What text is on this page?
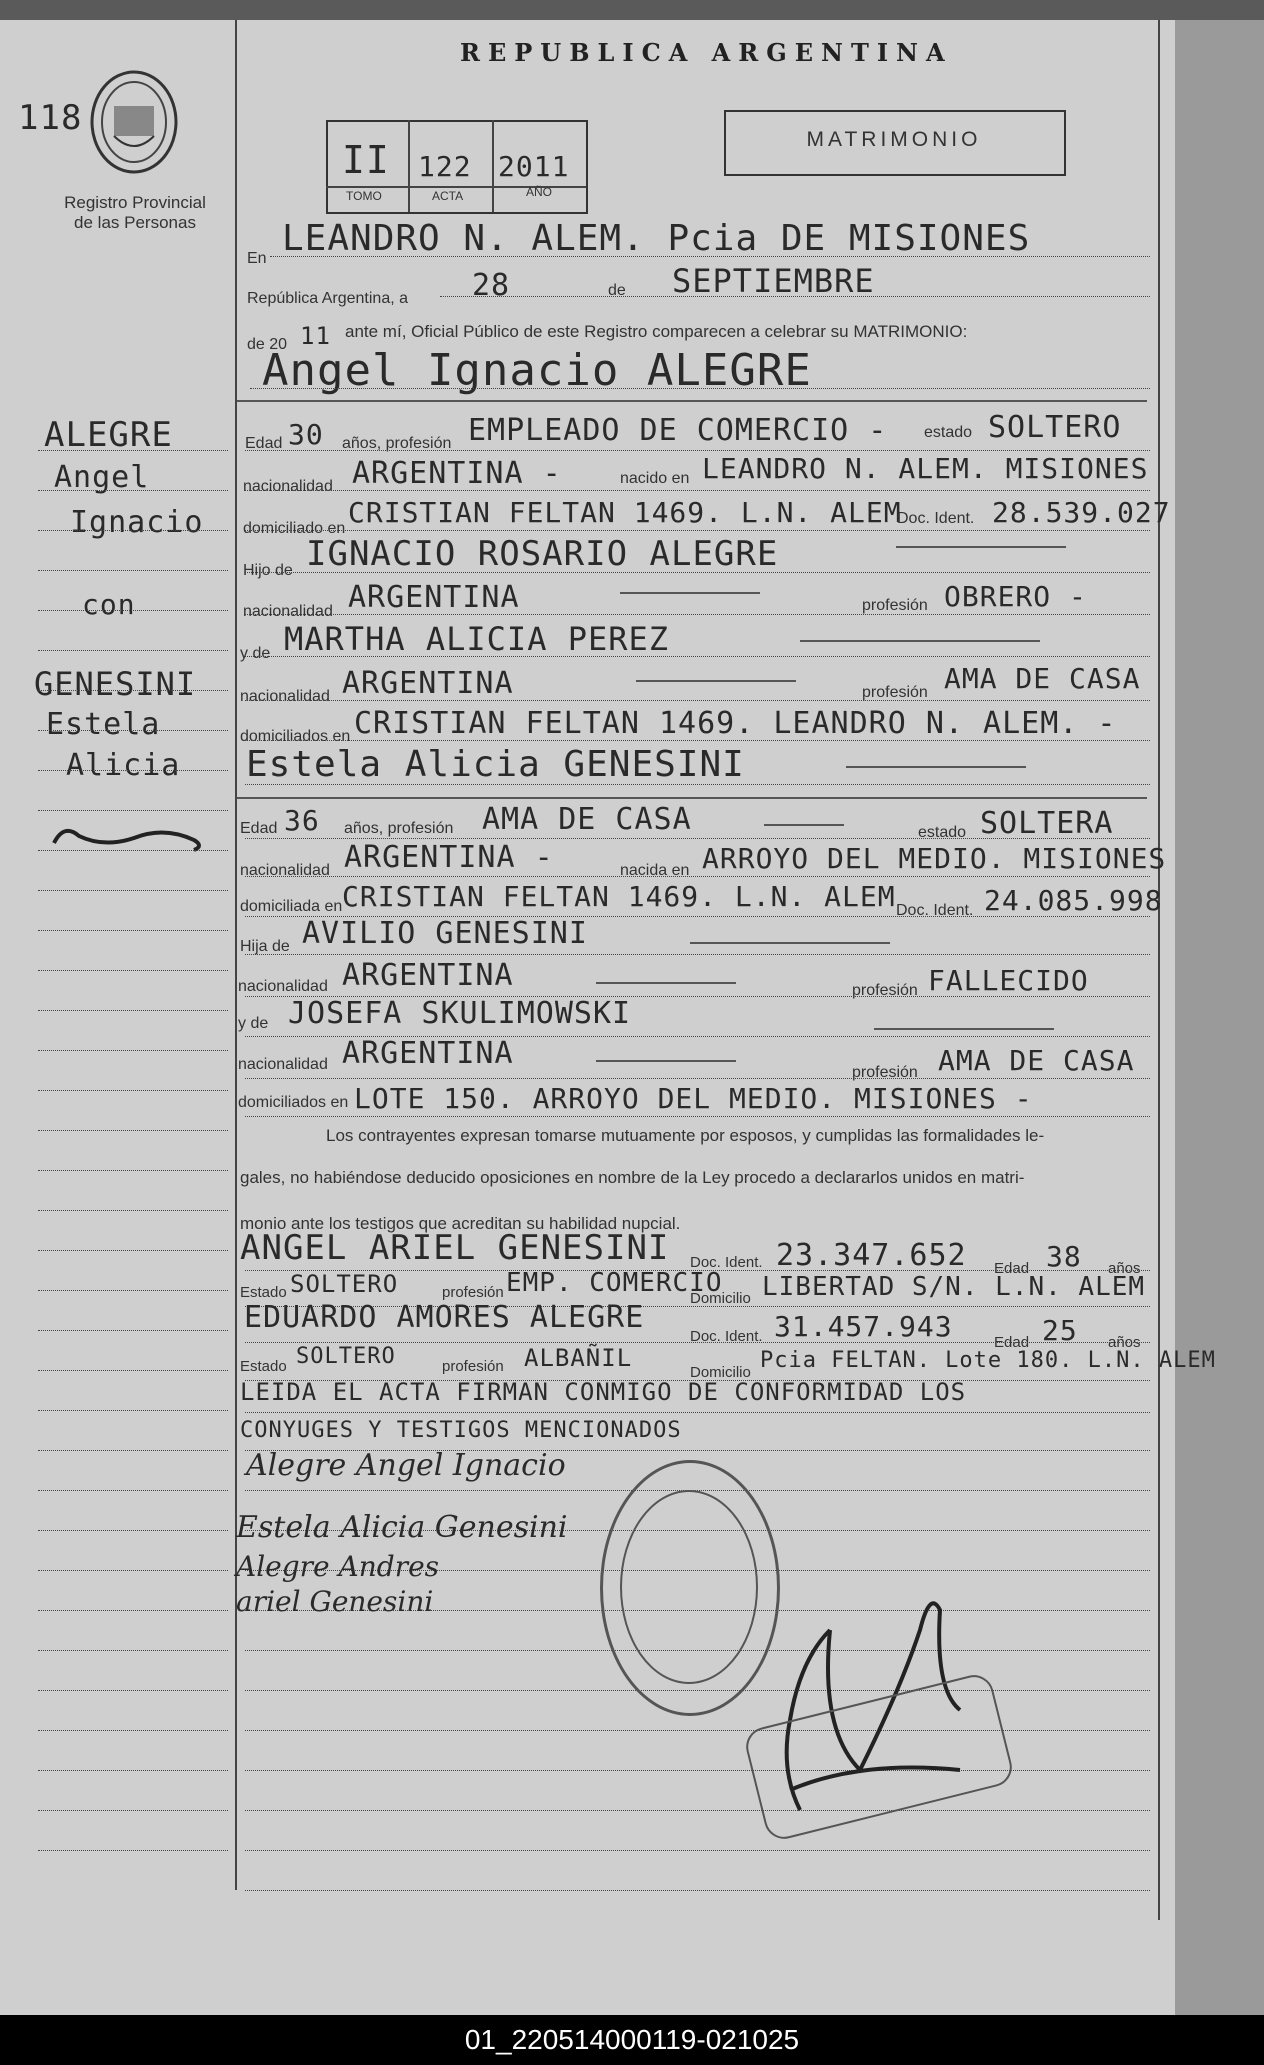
118
Registro Provincial
de las Personas
REPUBLICA ARGENTINA
II 122 2011
TOMO	ACTA	AÑO
MATRIMONIO
ALEGRE
Angel
Ignacio
con
GENESINI
Estela
Alicia
En LEANDRO N. ALEM. Pcia DE MISIONES
República Argentina, a 28	de SEPTIEMBRE
de 20 11 ante mí, Oficial Público de este Registro comparecen a celebrar su MATRIMONIO:
Angel Ignacio ALEGRE
Edad 30 años, profesión EMPLEADO DE COMERCIO - estado SOLTERO
nacionalidad ARGENTINA -	nacido en LEANDRO N. ALEM. MISIONES
domiciliado en CRISTIAN FELTAN 1469. L.N. ALEM
Doc. Ident. 28.539.027
Hijo de IGNACIO ROSARIO ALEGRE
nacionalidad ARGENTINA	profesión OBRERO -
y de MARTHA ALICIA PEREZ
nacionalidad ARGENTINA	profesión AMA DE CASA
domiciliados en CRISTIAN FELTAN 1469. LEANDRO N. ALEM. -
Estela Alicia GENESINI
Edad 36 años, profesión AMA DE CASA	estado SOLTERA
nacionalidad ARGENTINA -	nacida en ARROYO DEL MEDIO. MISIONES
domiciliada en CRISTIAN FELTAN 1469. L.N. ALEM Doc. Ident. 24.085.998
Hija de AVILIO GENESINI
nacionalidad ARGENTINA	profesión FALLECIDO
y de JOSEFA SKULIMOWSKI
nacionalidad ARGENTINA
profesión AMA DE CASA
domiciliados en LOTE 150. ARROYO DEL MEDIO. MISIONES -
Los contrayentes expresan tomarse mutuamente por esposos, y cumplidas las formalidades le-
gales, no habiéndose deducido oposiciones en nombre de la Ley procedo a declararlos unidos en matri-
monio ante los testigos que acreditan su habilidad nupcial.
ANGEL ARIEL GENESINI Doc. Ident. 23.347.652 Edad 38 años
Estado SOLTERO	profesión EMP. COMERCIO
Domicilio LIBERTAD S/N. L.N. ALEM
EDUARDO AMORES ALEGRE
Doc. Ident. 31.457.943	Edad 25 años
Estado SOLTERO	profesión ALBAÑIL
Domicilio Pcia FELTAN. Lote 180. L.N. ALEM
LEIDA EL ACTA FIRMAN CONMIGO DE CONFORMIDAD LOS
CONYUGES Y TESTIGOS MENCIONADOS
Alegre Angel Ignacio
Estela Alicia Genesini
Alegre Andres
ariel Genesini
01_220514000119-021025
